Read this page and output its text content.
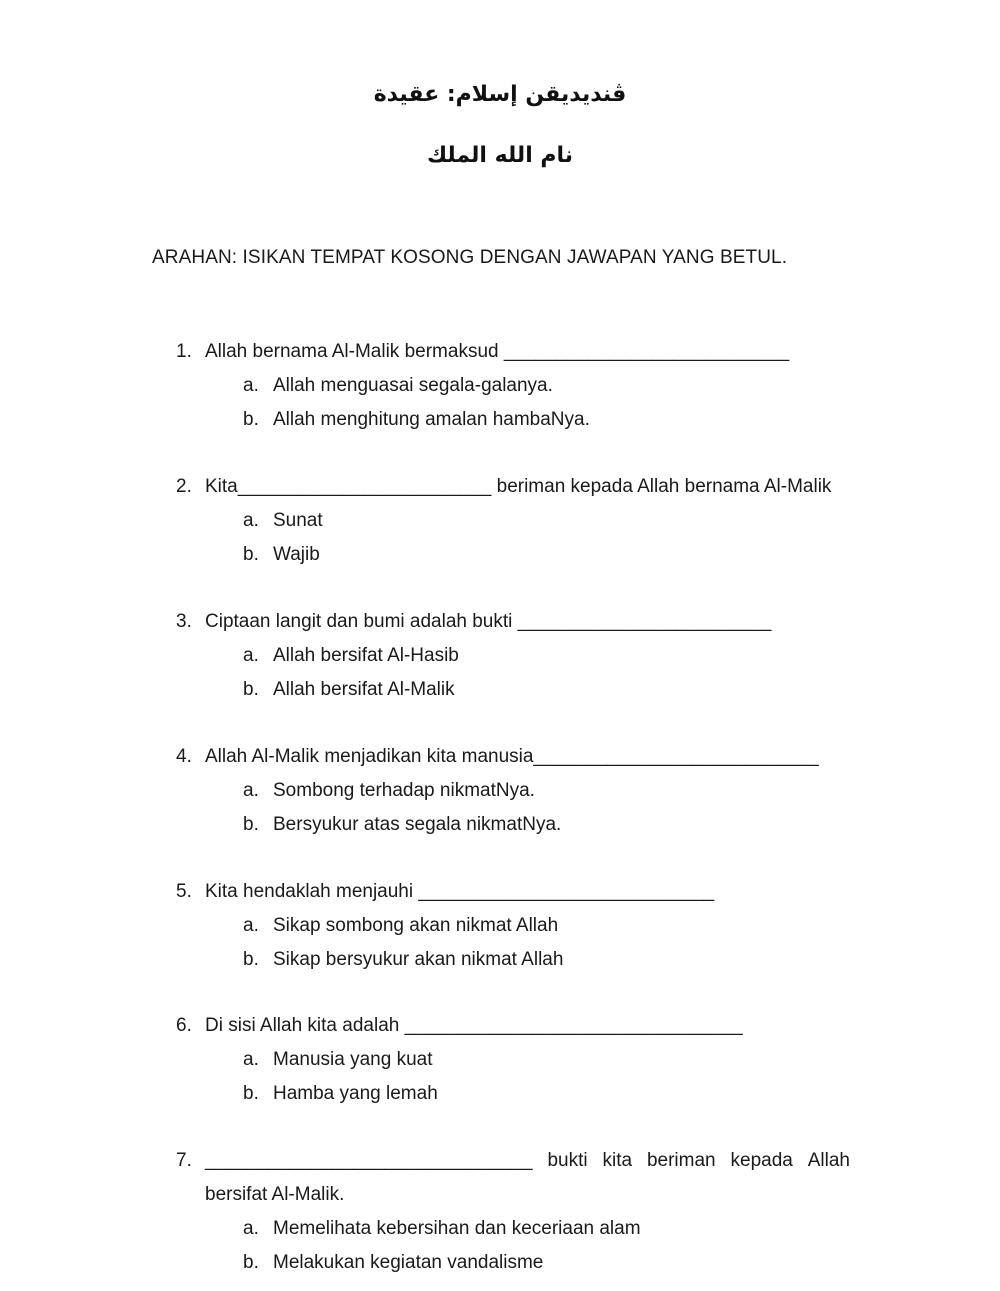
ڤنديديقن إسلام: عقيدة
نام الله الملك
ARAHAN: ISIKAN TEMPAT KOSONG DENGAN JAWAPAN YANG BETUL.
1. Allah bernama Al-Malik bermaksud ___________________________
a. Allah menguasai segala-galanya.
b. Allah menghitung amalan hambaNya.
2. Kita________________________ beriman kepada Allah bernama Al-Malik
a. Sunat
b. Wajib
3. Ciptaan langit dan bumi adalah bukti ________________________
a. Allah bersifat Al-Hasib
b. Allah bersifat Al-Malik
4. Allah Al-Malik menjadikan kita manusia___________________________
a. Sombong terhadap nikmatNya.
b. Bersyukur atas segala nikmatNya.
5. Kita hendaklah menjauhi ____________________________
a. Sikap sombong akan nikmat Allah
b. Sikap bersyukur akan nikmat Allah
6. Di sisi Allah kita adalah ________________________________
a. Manusia yang kuat
b. Hamba yang lemah
7. _______________________________ bukti kita beriman kepada Allah
bersifat Al-Malik.
a. Memelihata kebersihan dan keceriaan alam
b. Melakukan kegiatan vandalisme
